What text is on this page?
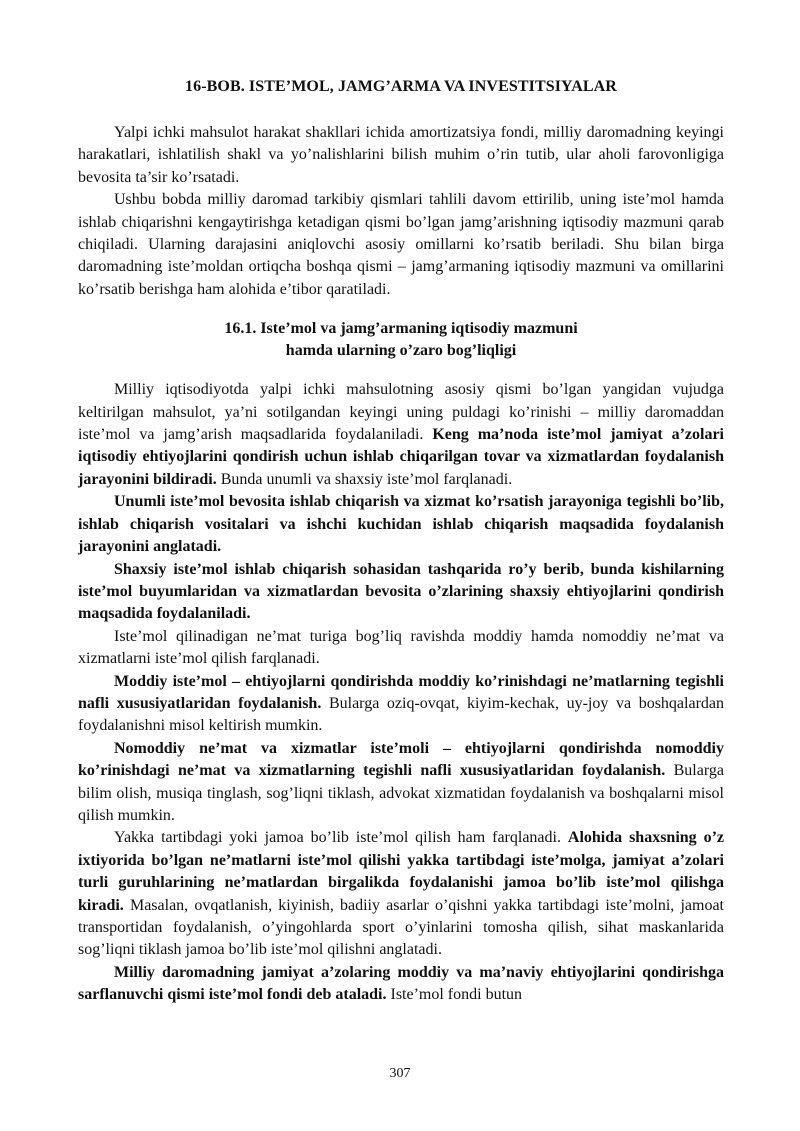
16-BOB. ISTE’MOL, JAMG’ARMA VA INVESTITSIYALAR

Yalpi ichki mahsulot harakat shakllari ichida amortizatsiya fondi, milliy daromadning keyingi harakatlari, ishlatilish shakl va yo’nalishlarini bilish muhim o’rin tutib, ular aholi farovonligiga bevosita ta’sir ko’rsatadi.

Ushbu bobda milliy daromad tarkibiy qismlari tahlili davom ettirilib, uning iste’mol hamda ishlab chiqarishni kengaytirishga ketadigan qismi bo’lgan jamg’arishning iqtisodiy mazmuni qarab chiqiladi. Ularning darajasini aniqlovchi asosiy omillarni ko’rsatib beriladi. Shu bilan birga daromadning iste’moldan ortiqcha boshqa qismi – jamg’armaning iqtisodiy mazmuni va omillarini ko’rsatib berishga ham alohida e’tibor qaratiladi.

16.1. Iste’mol va jamg’armaning iqtisodiy mazmuni
hamda ularning o’zaro bog’liqligi

Milliy iqtisodiyotda yalpi ichki mahsulotning asosiy qismi bo’lgan yangidan vujudga keltirilgan mahsulot, ya’ni sotilgandan keyingi uning puldagi ko’rinishi – milliy daromaddan iste’mol va jamg’arish maqsadlarida foydalaniladi. Keng ma’noda iste’mol jamiyat a’zolari iqtisodiy ehtiyojlarini qondirish uchun ishlab chiqarilgan tovar va xizmatlardan foydalanish jarayonini bildiradi. Bunda unumli va shaxsiy iste’mol farqlanadi.

Unumli iste’mol bevosita ishlab chiqarish va xizmat ko’rsatish jarayoniga tegishli bo’lib, ishlab chiqarish vositalari va ishchi kuchidan ishlab chiqarish maqsadida foydalanish jarayonini anglatadi.

Shaxsiy iste’mol ishlab chiqarish sohasidan tashqarida ro’y berib, bunda kishilarning iste’mol buyumlaridan va xizmatlardan bevosita o’zlarining shaxsiy ehtiyojlarini qondirish maqsadida foydalaniladi.

Iste’mol qilinadigan ne’mat turiga bog’liq ravishda moddiy hamda nomoddiy ne’mat va xizmatlarni iste’mol qilish farqlanadi.

Moddiy iste’mol – ehtiyojlarni qondirishda moddiy ko’rinishdagi ne’matlarning tegishli nafli xususiyatlaridan foydalanish. Bularga oziq-ovqat, kiyim-kechak, uy-joy va boshqalardan foydalanishni misol keltirish mumkin.

Nomoddiy ne’mat va xizmatlar iste’moli – ehtiyojlarni qondirishda nomoddiy ko’rinishdagi ne’mat va xizmatlarning tegishli nafli xususiyatlaridan foydalanish. Bularga bilim olish, musiqa tinglash, sog’liqni tiklash, advokat xizmatidan foydalanish va boshqalarni misol qilish mumkin.

Yakka tartibdagi yoki jamoa bo’lib iste’mol qilish ham farqlanadi. Alohida shaxsning o’z ixtiyorida bo’lgan ne’matlarni iste’mol qilishi yakka tartibdagi iste’molga, jamiyat a’zolari turli guruhlarining ne’matlardan birgalikda foydalanishi jamoa bo’lib iste’mol qilishga kiradi. Masalan, ovqatlanish, kiyinish, badiiy asarlar o’qishni yakka tartibdagi iste’molni, jamoat transportidan foydalanish, o’yingohlarda sport o’yinlarini tomosha qilish, sihat maskanlarida sog’liqni tiklash jamoa bo’lib iste’mol qilishni anglatadi.

Milliy daromadning jamiyat a’zolaring moddiy va ma’naviy ehtiyojlarini qondirishga sarflanuvchi qismi iste’mol fondi deb ataladi. Iste’mol fondi butun

307
